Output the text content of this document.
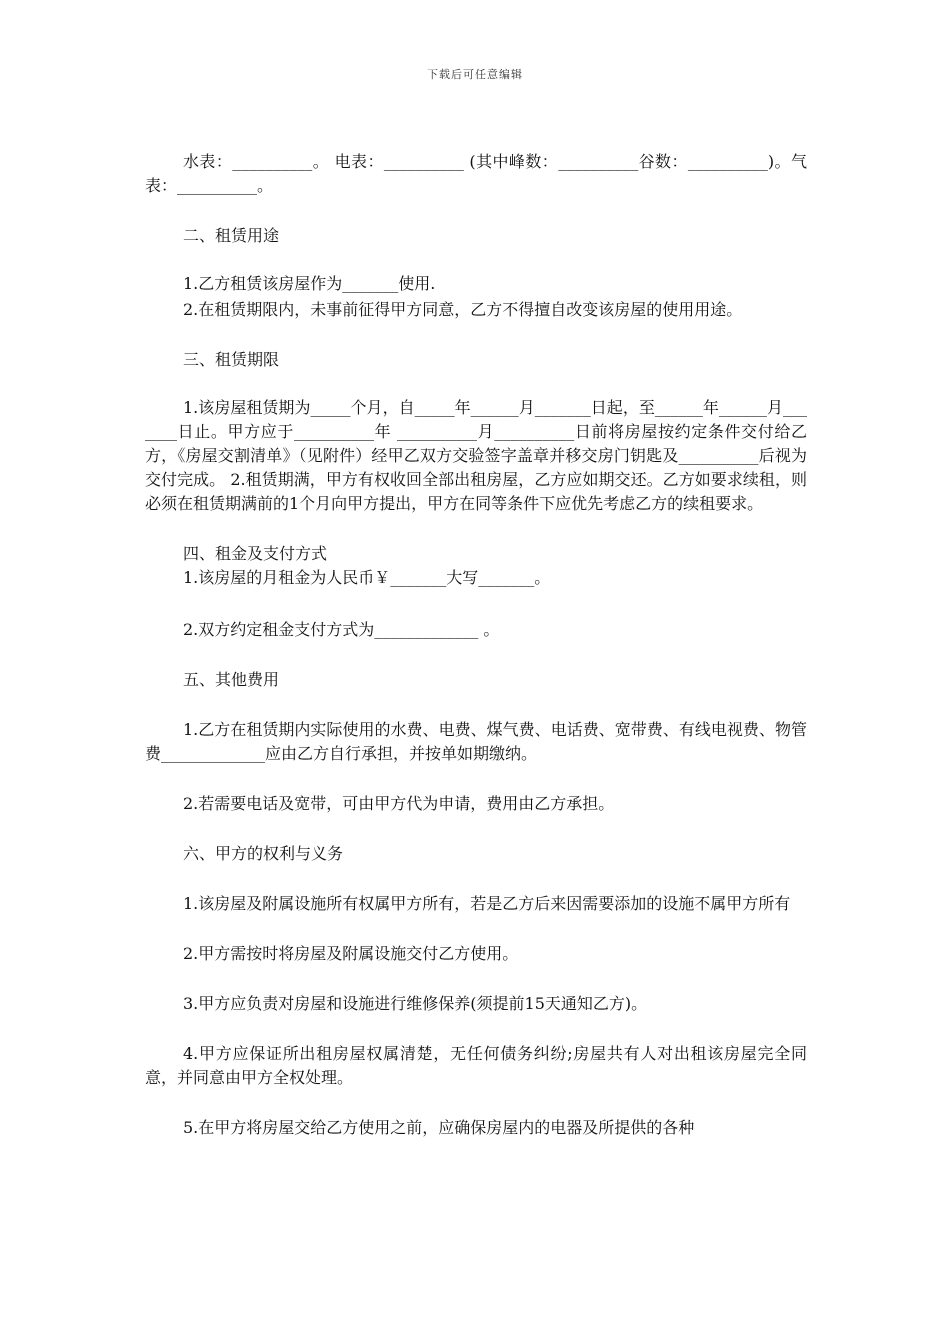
下载后可任意编辑

水表：__________。 电表：__________ (其中峰数：__________谷数：__________)。气表：__________。

二、租赁用途

1.乙方租赁该房屋作为_______使用.

2.在租赁期限内，未事前征得甲方同意，乙方不得擅自改变该房屋的使用用途。

三、租赁期限

1.该房屋租赁期为_____个月，自_____年______月_______日起，至______年______月_______日止。甲方应于__________年 __________月__________日前将房屋按约定条件交付给乙方，《房屋交割清单》（见附件）经甲乙双方交验签字盖章并移交房门钥匙及__________后视为交付完成。 2.租赁期满，甲方有权收回全部出租房屋，乙方应如期交还。乙方如要求续租，则必须在租赁期满前的1个月向甲方提出，甲方在同等条件下应优先考虑乙方的续租要求。

四、租金及支付方式

1.该房屋的月租金为人民币￥_______大写_______。

2.双方约定租金支付方式为_____________ 。

五、其他费用

1.乙方在租赁期内实际使用的水费、电费、煤气费、电话费、宽带费、有线电视费、物管费_____________应由乙方自行承担，并按单如期缴纳。

2.若需要电话及宽带，可由甲方代为申请，费用由乙方承担。

六、甲方的权利与义务

1.该房屋及附属设施所有权属甲方所有，若是乙方后来因需要添加的设施不属甲方所有

2.甲方需按时将房屋及附属设施交付乙方使用。

3.甲方应负责对房屋和设施进行维修保养(须提前15天通知乙方)。

4.甲方应保证所出租房屋权属清楚，无任何债务纠纷;房屋共有人对出租该房屋完全同意，并同意由甲方全权处理。

5.在甲方将房屋交给乙方使用之前，应确保房屋内的电器及所提供的各种
